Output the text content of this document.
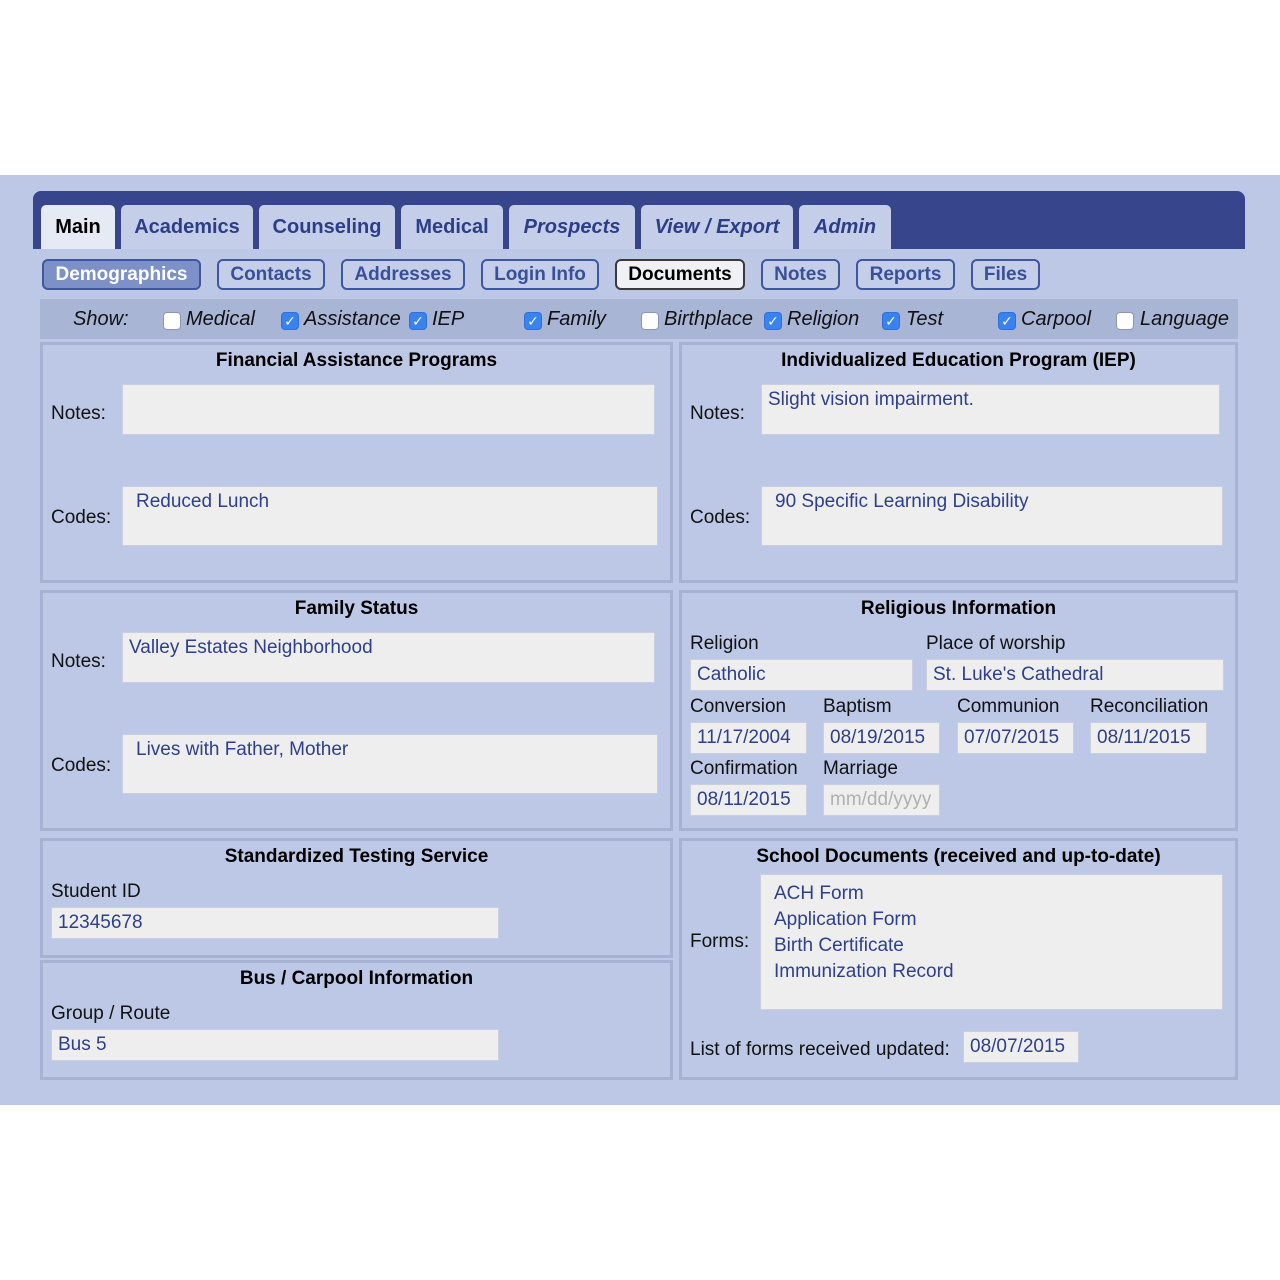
Main	Academics	Counseling	Medical	Prospects	View / Export	Admin
Demographics	Contacts	Addresses	Login Info	Documents	Notes	Reports	Files
Show:	Medical ✓ Assistance ✓ IEP	✓ Family	Birthplace ✓ Religion ✓ Test	✓ Carpool Language
Financial Assistance Programs
Notes:
Codes:
Reduced Lunch
Individualized Education Program (IEP)
Notes:
Slight vision impairment.
Codes:
90 Specific Learning Disability
Family Status
Notes:
Valley Estates Neighborhood
Codes:
Lives with Father, Mother
Religious Information
Religion	Place of worship
Catholic	St. Luke's Cathedral
Conversion Baptism	Communion Reconciliation
11/17/2004	08/19/2015	07/07/2015	08/11/2015
Confirmation Marriage
08/11/2015	mm/dd/yyyy
Standardized Testing Service
Student ID
12345678
Bus / Carpool Information
Group / Route
Bus 5
School Documents (received and up-to-date)
Forms:
ACH Form
Application Form
Birth Certificate
Immunization Record
List of forms received updated:	08/07/2015
